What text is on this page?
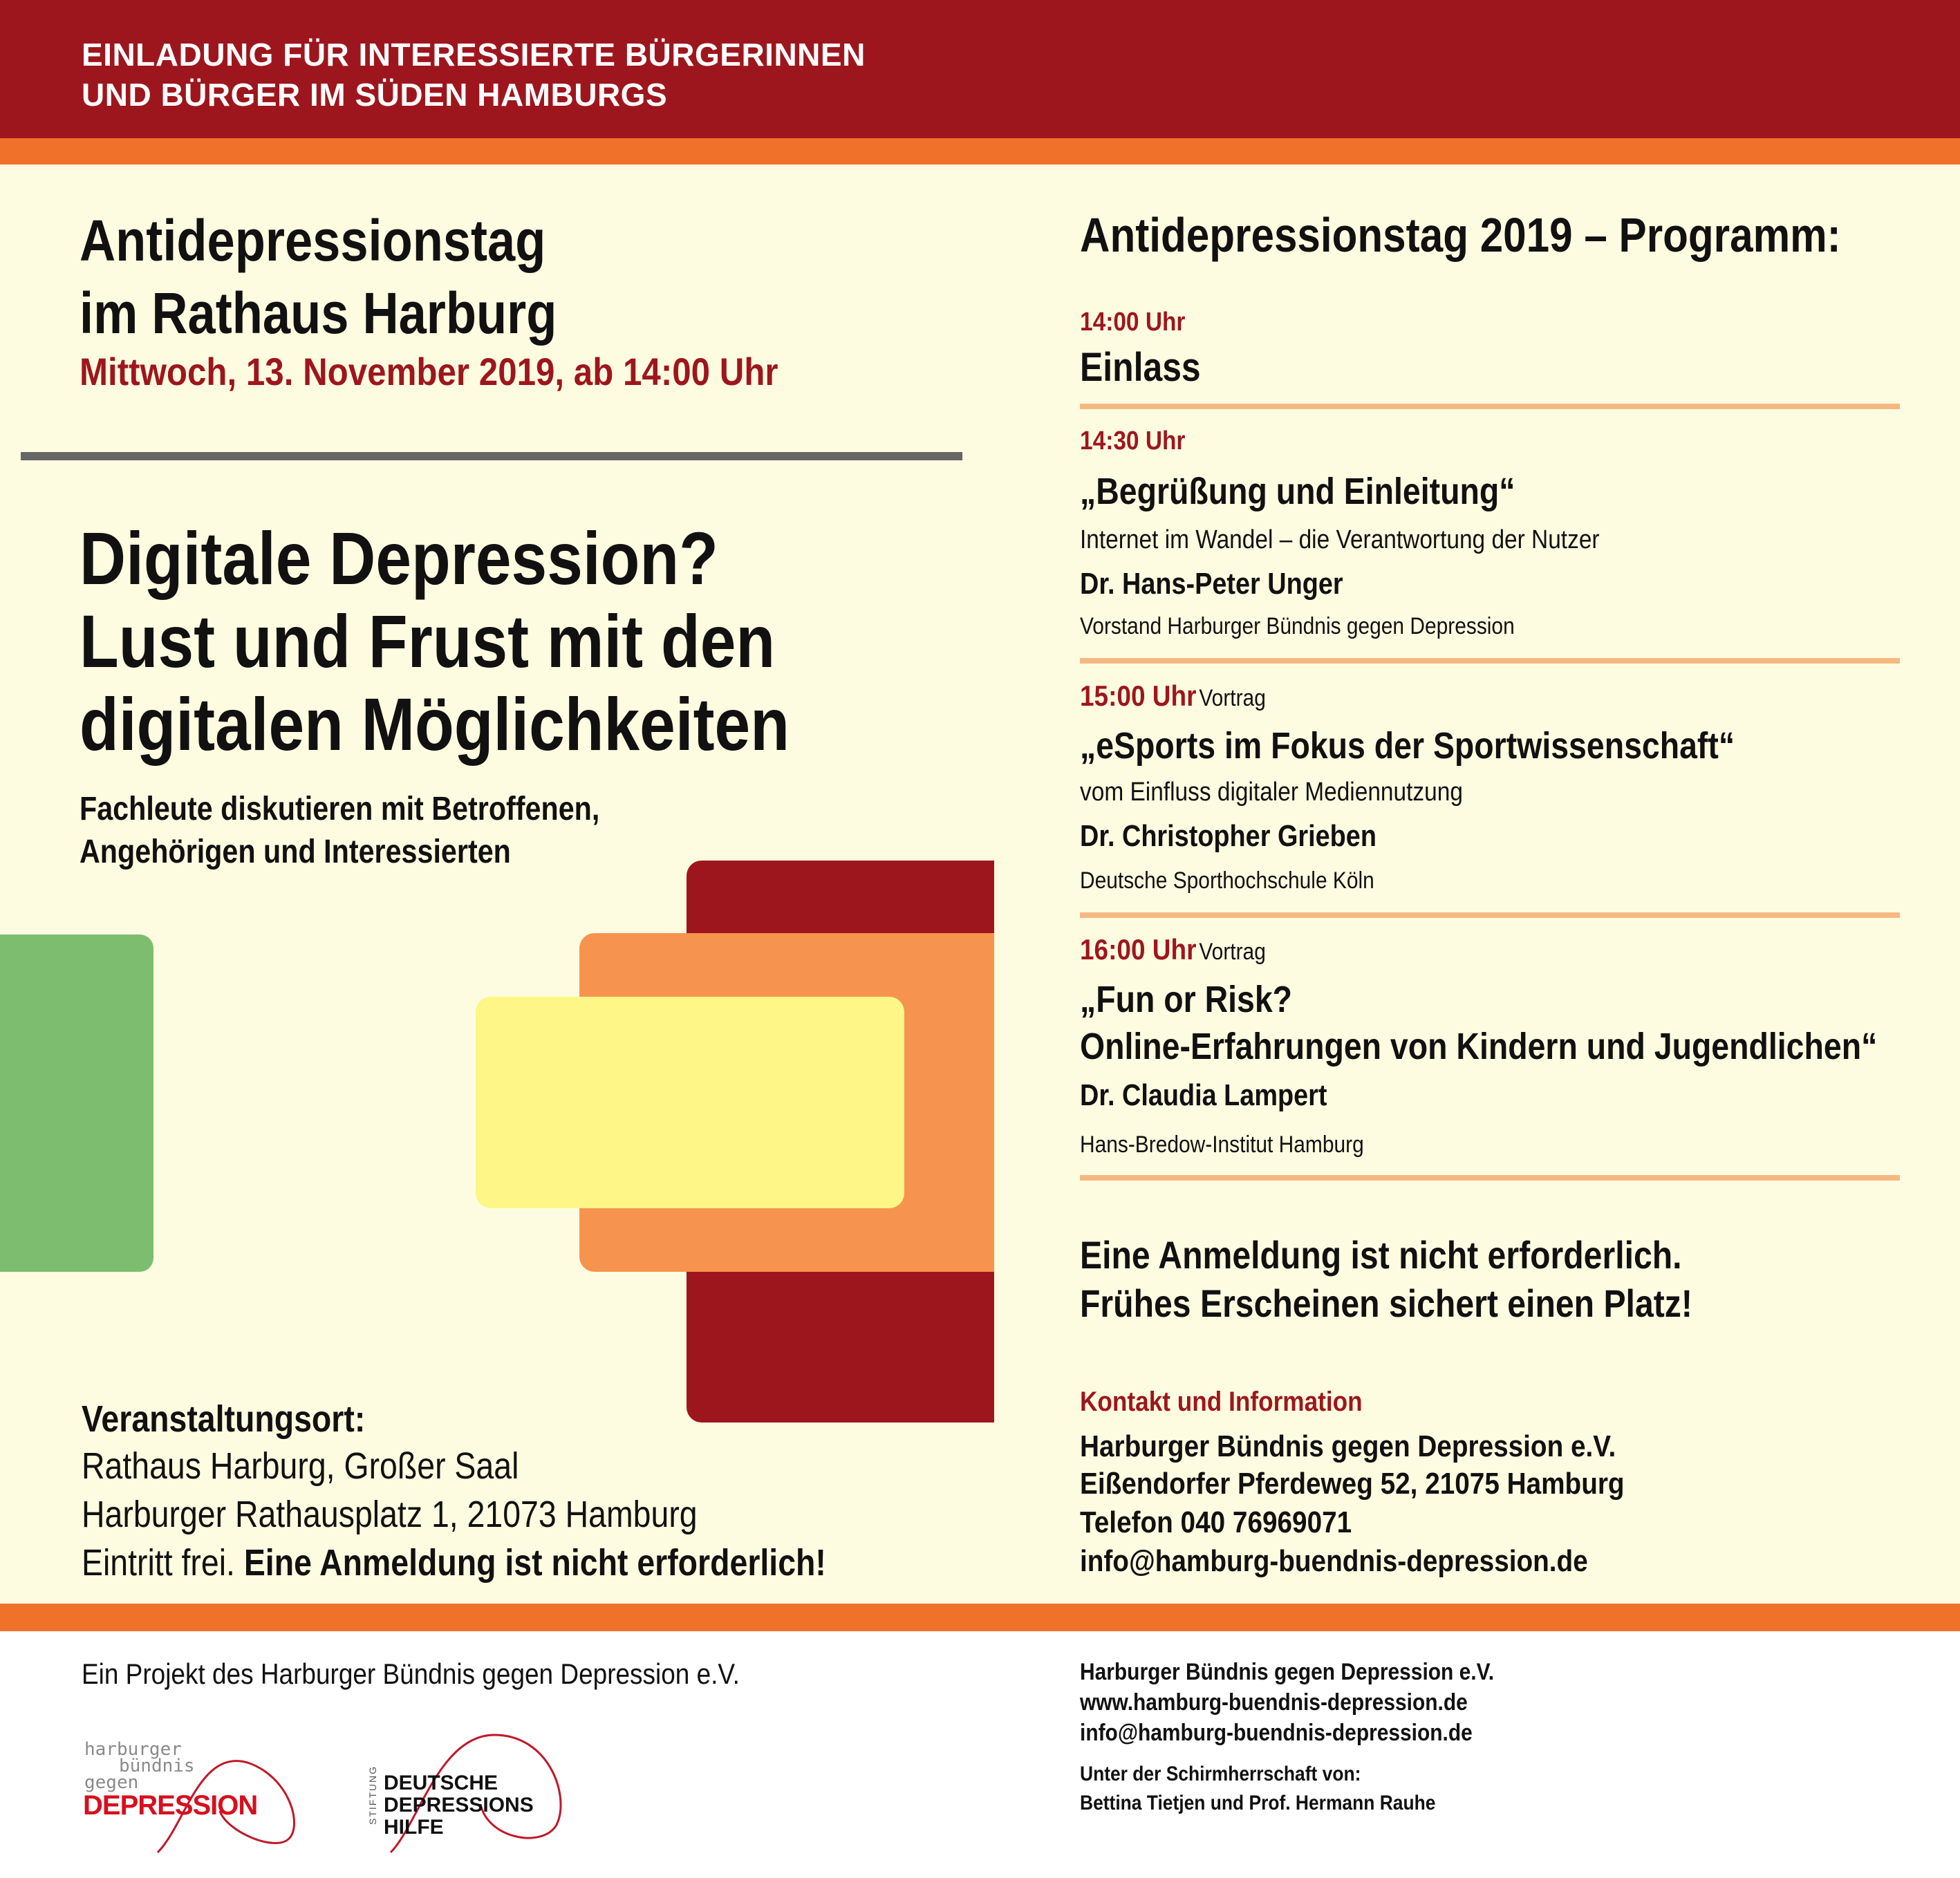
EINLADUNG FÜR INTERESSIERTE BÜRGERINNEN
UND BÜRGER IM SÜDEN HAMBURGS
Antidepressionstag
im Rathaus Harburg
Mittwoch, 13. November 2019, ab 14:00 Uhr
Digitale Depression?
Lust und Frust mit den
digitalen Möglichkeiten
Fachleute diskutieren mit Betroffenen,
Angehörigen und Interessierten
Veranstaltungsort:
Rathaus Harburg, Großer Saal
Harburger Rathausplatz 1, 21073 Hamburg
Eintritt frei. Eine Anmeldung ist nicht erforderlich!
Antidepressionstag 2019 – Programm:
14:00 Uhr
Einlass
14:30 Uhr
„Begrüßung und Einleitung“
Internet im Wandel – die Verantwortung der Nutzer
Dr. Hans-Peter Unger
Vorstand Harburger Bündnis gegen Depression
15:00 Uhr Vortrag
„eSports im Fokus der Sportwissenschaft“
vom Einfluss digitaler Mediennutzung
Dr. Christopher Grieben
Deutsche Sporthochschule Köln
16:00 Uhr Vortrag
„Fun or Risk?
Online-Erfahrungen von Kindern und Jugendlichen“
Dr. Claudia Lampert
Hans-Bredow-Institut Hamburg
Eine Anmeldung ist nicht erforderlich.
Frühes Erscheinen sichert einen Platz!
Kontakt und Information
Harburger Bündnis gegen Depression e.V.
Eißendorfer Pferdeweg 52, 21075 Hamburg
Telefon 040 76969071
info@hamburg-buendnis-depression.de
Ein Projekt des Harburger Bündnis gegen Depression e.V.
harburger
bündnis
gegen
DEPRESSION	STIFTUNG DEUTSCHE
DEPRESSIONS
HILFE
Harburger Bündnis gegen Depression e.V.
www.hamburg-buendnis-depression.de
info@hamburg-buendnis-depression.de
Unter der Schirmherrschaft von:
Bettina Tietjen und Prof. Hermann Rauhe
